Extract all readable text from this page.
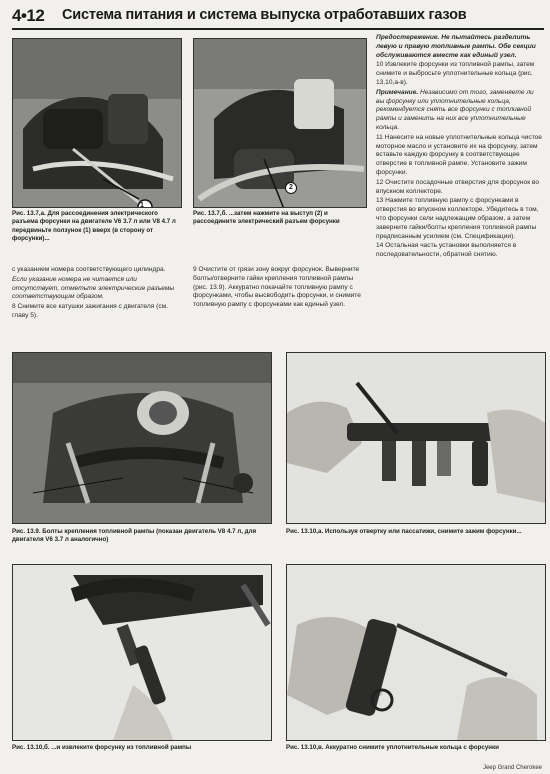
4•12 Система питания и система выпуска отработавших газов
1
Рис. 13.7,а. Для рассоединения электрического разъема форсунки на двигателе V6 3.7 л или V8 4.7 л передвиньте ползунок (1) вверх (в сторону от форсунки)...
2
Рис. 13.7,б. ...затем нажмите на выступ (2) и рассоедините электрический разъем форсунки

Предостережение. Не пытайтесь разделить левую и правую топливные рампы. Обе секции обслуживаются вместе как единый узел.

10 Извлеките форсунки из топливной рампы, затем снимите и выбросьте уплотнительные кольца (рис. 13.10,а-в).

Примечание. Независимо от того, заменяете ли вы форсунку или уплотнительные кольца, рекомендуется снять все форсунки с топливной рампы и заменить на них все уплотнительные кольца.

11 Нанесите на новые уплотнительные кольца чистое моторное масло и установите их на форсунку, затем вставьте каждую форсунку в соответствующее отверстие в топливной рампе. Установите зажим форсунки.

12 Очистите посадочные отверстия для форсунок во впускном коллекторе.

13 Нажмите топливную рампу с форсунками в отверстия во впускном коллекторе. Убедитесь в том, что форсунки сели надлежащим образом, а затем заверните гайки/болты крепления топливной рампы предписанным усилием (см. Спецификации).

14 Остальная часть установки выполняется в последовательности, обратной снятию.

с указанием номера соответствующего цилиндра.

Если указание номера не читается или отсутствует, отметьте электрические разъемы соответствующим образом.

8 Снимите все катушки зажигания с двигателя (см. главу 5).

9 Очистите от грязи зону вокруг форсунок. Выверните болты/отверните гайки крепления топливной рампы (рис. 13.9). Аккуратно покачайте топливную рампу с форсунками, чтобы высвободить форсунки, и снимите топливную рампу с форсунками как единый узел.

Рис. 13.9. Болты крепления топливной рампы (показан двигатель V8 4.7 л, для двигателя V6 3.7 л аналогично)
Рис. 13.10,а. Используя отвертку или пассатижи, снимите зажим форсунки...
Рис. 13.10,б. ...и извлеките форсунку из топливной рампы	Рис. 13.10,в. Аккуратно снимите уплотнительные кольца с форсунки
Jeep Grand Cherokee
